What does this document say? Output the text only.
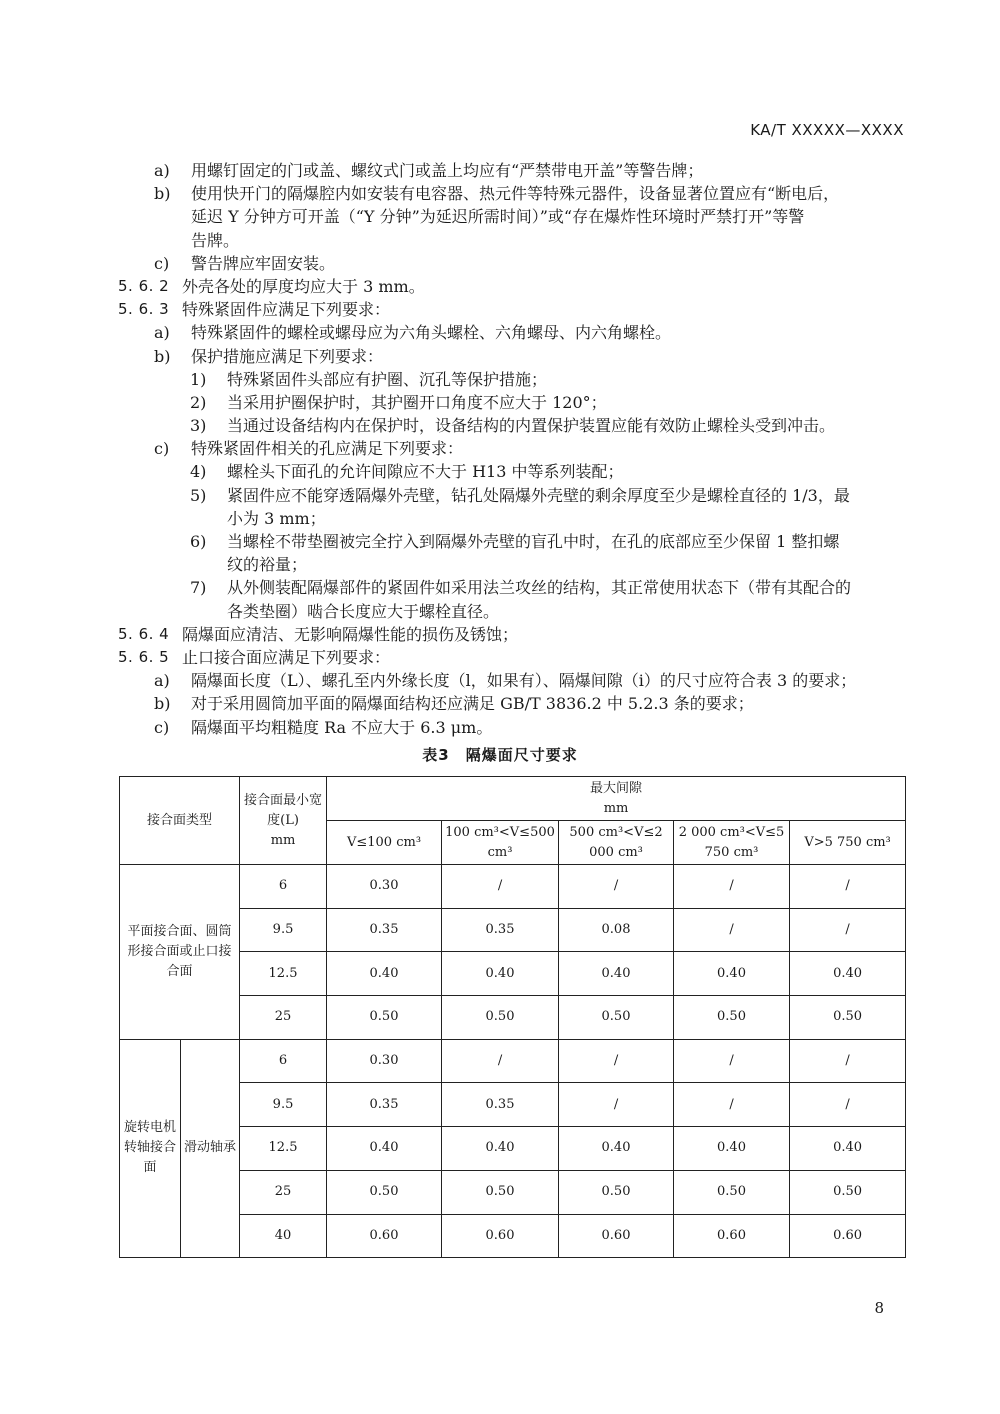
KA/T XXXXX—XXXX
a) 用螺钉固定的门或盖、螺纹式门或盖上均应有“严禁带电开盖”等警告牌；
b) 使用快开门的隔爆腔内如安装有电容器、热元件等特殊元器件，设备显著位置应有“断电后，
延迟 Y 分钟方可开盖（“Y 分钟”为延迟所需时间）”或“存在爆炸性环境时严禁打开”等警
告牌。
c) 警告牌应牢固安装。
5. 6. 2 外壳各处的厚度均应大于 3 mm。
5. 6. 3 特殊紧固件应满足下列要求：
a) 特殊紧固件的螺栓或螺母应为六角头螺栓、六角螺母、内六角螺栓。
b) 保护措施应满足下列要求：
1) 特殊紧固件头部应有护圈、沉孔等保护措施；
2) 当采用护圈保护时，其护圈开口角度不应大于 120°；
3) 当通过设备结构内在保护时，设备结构的内置保护装置应能有效防止螺栓头受到冲击。
c) 特殊紧固件相关的孔应满足下列要求：
4) 螺栓头下面孔的允许间隙应不大于 H13 中等系列装配；
5) 紧固件应不能穿透隔爆外壳壁，钻孔处隔爆外壳壁的剩余厚度至少是螺栓直径的 1/3，最
小为 3 mm；
6) 当螺栓不带垫圈被完全拧入到隔爆外壳壁的盲孔中时，在孔的底部应至少保留 1 整扣螺
纹的裕量；
7) 从外侧装配隔爆部件的紧固件如采用法兰攻丝的结构，其正常使用状态下（带有其配合的
各类垫圈）啮合长度应大于螺栓直径。
5. 6. 4 隔爆面应清洁、无影响隔爆性能的损伤及锈蚀；
5. 6. 5 止口接合面应满足下列要求：
a) 隔爆面长度（L）、螺孔至内外缘长度（l，如果有）、隔爆间隙（i）的尺寸应符合表 3 的要求；
b) 对于采用圆筒加平面的隔爆面结构还应满足 GB/T 3836.2 中 5.2.3 条的要求；
c) 隔爆面平均粗糙度 Ra 不应大于 6.3 μm。
表3　隔爆面尺寸要求
接合面类型		接合面最小宽度(L)
mm	最大间隙
mm				
			V≤100 cm³	100 cm³<V≤500 cm³	500 cm³<V≤2 000 cm³	2 000 cm³<V≤5 750 cm³	V>5 750 cm³
平面接合面、圆筒形接合面或止口接合面		6	0.30	/	/	/	/
		9.5	0.35	0.35	0.08	/	/
		12.5	0.40	0.40	0.40	0.40	0.40
		25	0.50	0.50	0.50	0.50	0.50
旋转电机转轴接合面	滑动轴承	6	0.30	/	/	/	/
		9.5	0.35	0.35	/	/	/
		12.5	0.40	0.40	0.40	0.40	0.40
		25	0.50	0.50	0.50	0.50	0.50
		40	0.60	0.60	0.60	0.60	0.60
8
